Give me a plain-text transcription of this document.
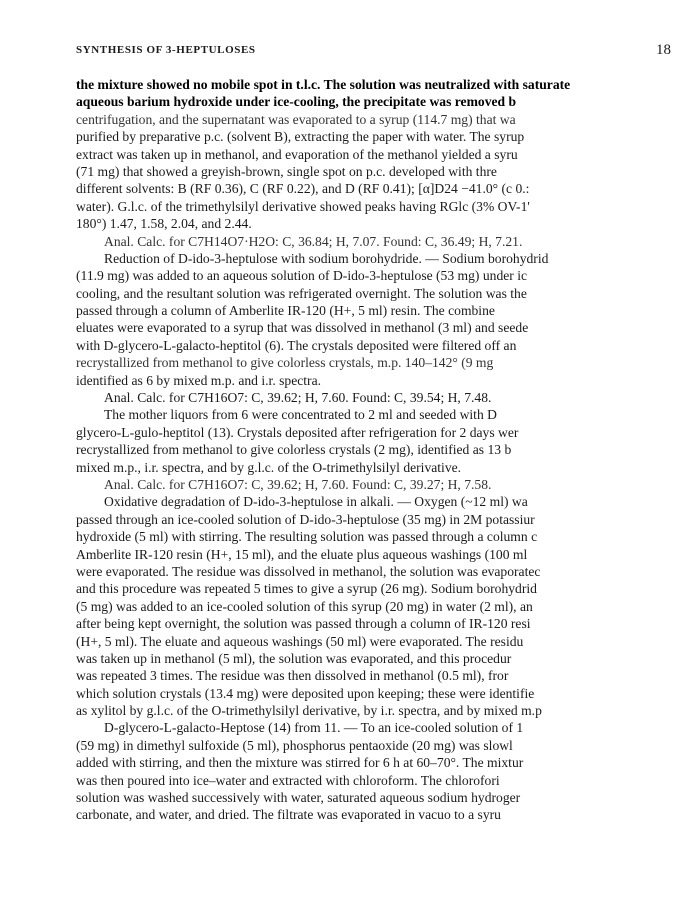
SYNTHESIS OF 3-HEPTULOSES	18
the mixture showed no mobile spot in t.l.c. The solution was neutralized with saturate
aqueous barium hydroxide under ice-cooling, the precipitate was removed b
centrifugation, and the supernatant was evaporated to a syrup (114.7 mg) that wa
purified by preparative p.c. (solvent B), extracting the paper with water. The syrup
extract was taken up in methanol, and evaporation of the methanol yielded a syru
(71 mg) that showed a greyish-brown, single spot on p.c. developed with thre
different solvents: B (RF 0.36), C (RF 0.22), and D (RF 0.41); [α]D24 −41.0° (c 0.:
water). G.l.c. of the trimethylsilyl derivative showed peaks having RGlc (3% OV-1'
180°) 1.47, 1.58, 2.04, and 2.44.
Anal. Calc. for C7H14O7·H2O: C, 36.84; H, 7.07. Found: C, 36.49; H, 7.21.
Reduction of D-ido-3-heptulose with sodium borohydride. — Sodium borohydrid
(11.9 mg) was added to an aqueous solution of D-ido-3-heptulose (53 mg) under ic
cooling, and the resultant solution was refrigerated overnight. The solution was the
passed through a column of Amberlite IR-120 (H+, 5 ml) resin. The combine
eluates were evaporated to a syrup that was dissolved in methanol (3 ml) and seede
with D-glycero-L-galacto-heptitol (6). The crystals deposited were filtered off an
recrystallized from methanol to give colorless crystals, m.p. 140–142° (9 mg
identified as 6 by mixed m.p. and i.r. spectra.
Anal. Calc. for C7H16O7: C, 39.62; H, 7.60. Found: C, 39.54; H, 7.48.
The mother liquors from 6 were concentrated to 2 ml and seeded with D
glycero-L-gulo-heptitol (13). Crystals deposited after refrigeration for 2 days wer
recrystallized from methanol to give colorless crystals (2 mg), identified as 13 b
mixed m.p., i.r. spectra, and by g.l.c. of the O-trimethylsilyl derivative.
Anal. Calc. for C7H16O7: C, 39.62; H, 7.60. Found: C, 39.27; H, 7.58.
Oxidative degradation of D-ido-3-heptulose in alkali. — Oxygen (~12 ml) wa
passed through an ice-cooled solution of D-ido-3-heptulose (35 mg) in 2M potassiur
hydroxide (5 ml) with stirring. The resulting solution was passed through a column c
Amberlite IR-120 resin (H+, 15 ml), and the eluate plus aqueous washings (100 ml
were evaporated. The residue was dissolved in methanol, the solution was evaporatec
and this procedure was repeated 5 times to give a syrup (26 mg). Sodium borohydrid
(5 mg) was added to an ice-cooled solution of this syrup (20 mg) in water (2 ml), an
after being kept overnight, the solution was passed through a column of IR-120 resi
(H+, 5 ml). The eluate and aqueous washings (50 ml) were evaporated. The residu
was taken up in methanol (5 ml), the solution was evaporated, and this procedur
was repeated 3 times. The residue was then dissolved in methanol (0.5 ml), fror
which solution crystals (13.4 mg) were deposited upon keeping; these were identifie
as xylitol by g.l.c. of the O-trimethylsilyl derivative, by i.r. spectra, and by mixed m.p
D-glycero-L-galacto-Heptose (14) from 11. — To an ice-cooled solution of 1
(59 mg) in dimethyl sulfoxide (5 ml), phosphorus pentaoxide (20 mg) was slowl
added with stirring, and then the mixture was stirred for 6 h at 60–70°. The mixtur
was then poured into ice–water and extracted with chloroform. The chlorofori
solution was washed successively with water, saturated aqueous sodium hydroger
carbonate, and water, and dried. The filtrate was evaporated in vacuo to a syru
